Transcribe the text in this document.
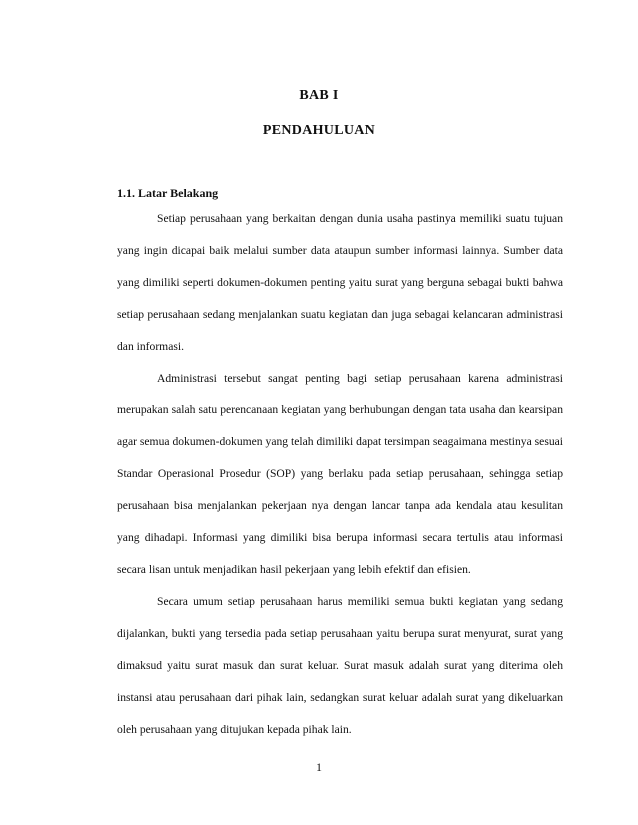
BAB I
PENDAHULUAN
1.1. Latar Belakang

Setiap perusahaan yang berkaitan dengan dunia usaha pastinya memiliki suatu tujuan yang ingin dicapai baik melalui sumber data ataupun sumber informasi lainnya. Sumber data yang dimiliki seperti dokumen-dokumen penting yaitu surat yang berguna sebagai bukti bahwa setiap perusahaan sedang menjalankan suatu kegiatan dan juga sebagai kelancaran administrasi dan informasi.

Administrasi tersebut sangat penting bagi setiap perusahaan karena administrasi merupakan salah satu perencanaan kegiatan yang berhubungan dengan tata usaha dan kearsipan agar semua dokumen-dokumen yang telah dimiliki dapat tersimpan seagaimana mestinya sesuai Standar Operasional Prosedur (SOP) yang berlaku pada setiap perusahaan, sehingga setiap perusahaan bisa menjalankan pekerjaan nya dengan lancar tanpa ada kendala atau kesulitan yang dihadapi. Informasi yang dimiliki bisa berupa informasi secara tertulis atau informasi secara lisan untuk menjadikan hasil pekerjaan yang lebih efektif dan efisien.

Secara umum setiap perusahaan harus memiliki semua bukti kegiatan yang sedang dijalankan, bukti yang tersedia pada setiap perusahaan yaitu berupa surat menyurat, surat yang dimaksud yaitu surat masuk dan surat keluar. Surat masuk adalah surat yang diterima oleh instansi atau perusahaan dari pihak lain, sedangkan surat keluar adalah surat yang dikeluarkan oleh perusahaan yang ditujukan kepada pihak lain.

1
